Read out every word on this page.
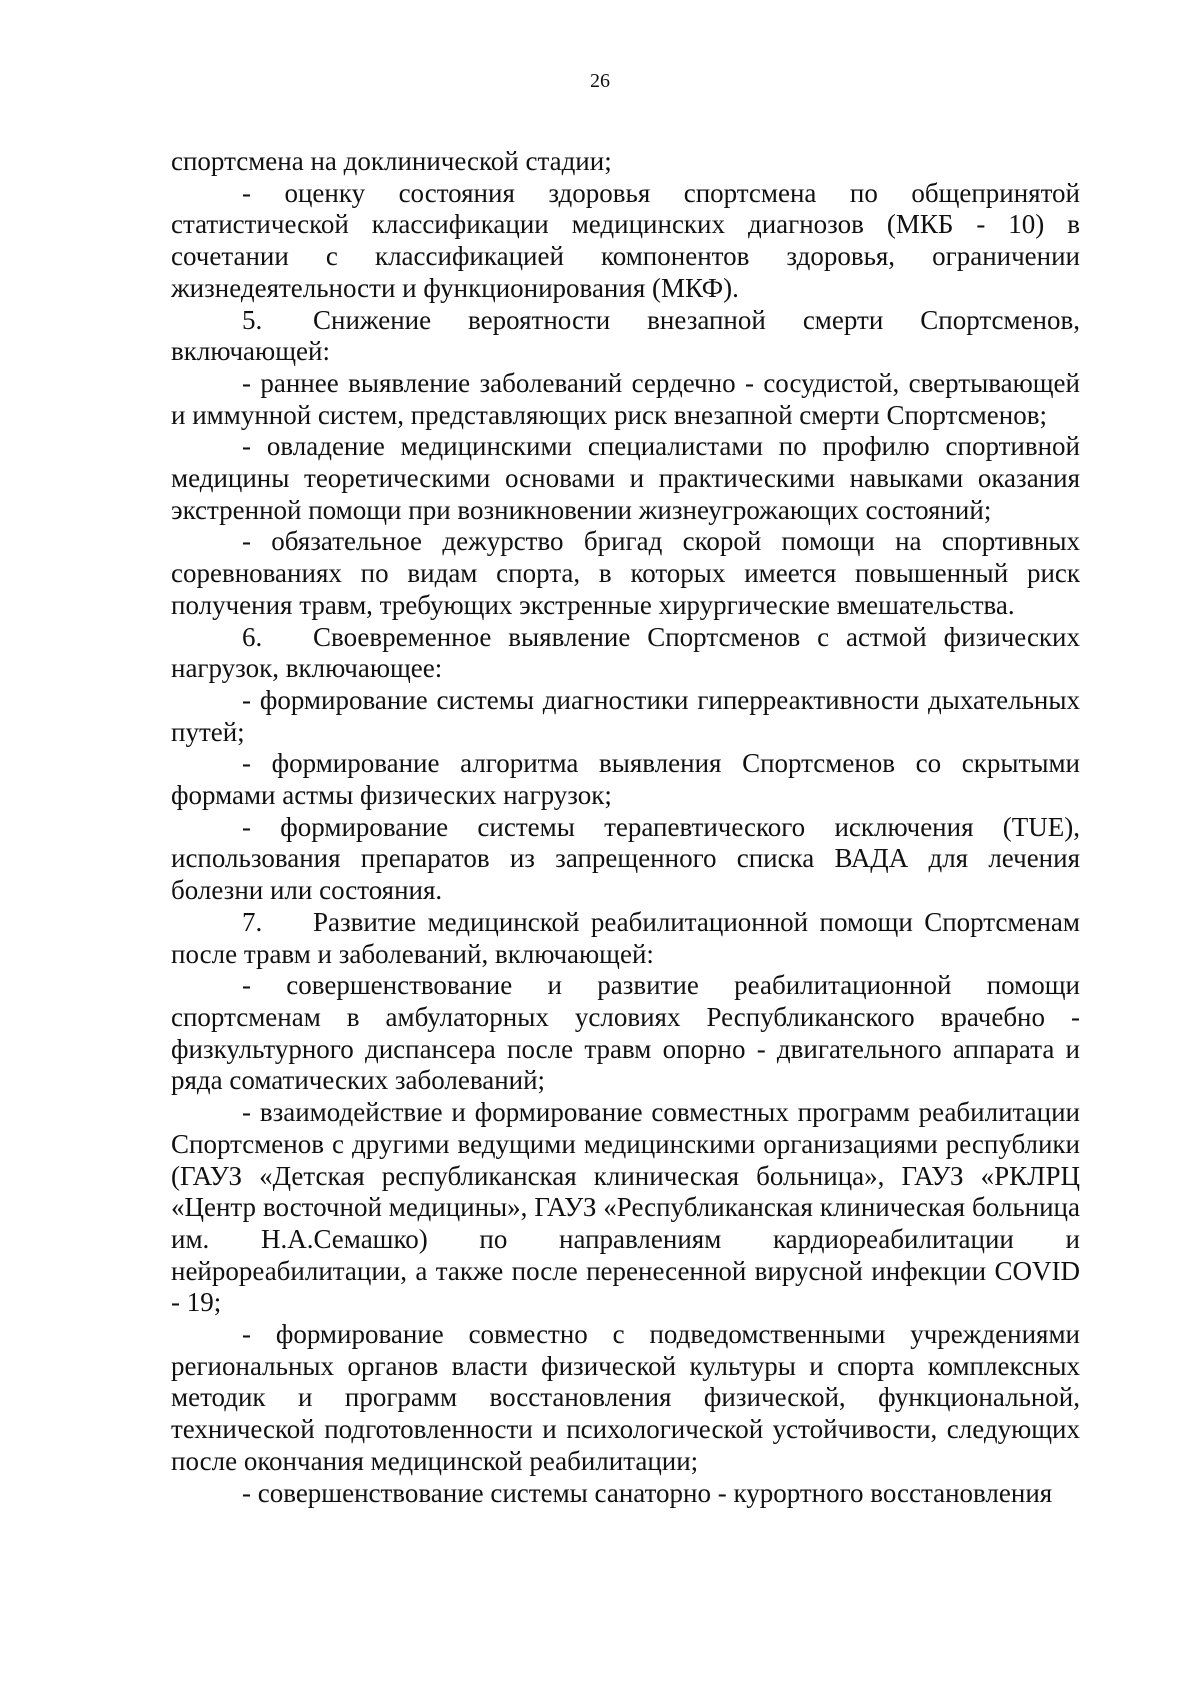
26

спортсмена на доклинической стадии;

- оценку состояния здоровья спортсмена по общепринятой статистической классификации медицинских диагнозов (МКБ - 10) в сочетании с классификацией компонентов здоровья, ограничении жизнедеятельности и функционирования (МКФ).

5. Снижение вероятности внезапной смерти Спортсменов, включающей:

- раннее выявление заболеваний сердечно - сосудистой, свертывающей и иммунной систем, представляющих риск внезапной смерти Спортсменов;

- овладение медицинскими специалистами по профилю спортивной медицины теоретическими основами и практическими навыками оказания экстренной помощи при возникновении жизнеугрожающих состояний;

- обязательное дежурство бригад скорой помощи на спортивных соревнованиях по видам спорта, в которых имеется повышенный риск получения травм, требующих экстренные хирургические вмешательства.

6. Своевременное выявление Спортсменов с астмой физических нагрузок, включающее:

- формирование системы диагностики гиперреактивности дыхательных путей;

- формирование алгоритма выявления Спортсменов со скрытыми формами астмы физических нагрузок;

- формирование системы терапевтического исключения (TUE), использования препаратов из запрещенного списка ВАДА для лечения болезни или состояния.

7. Развитие медицинской реабилитационной помощи Спортсменам после травм и заболеваний, включающей:

- совершенствование и развитие реабилитационной помощи спортсменам в амбулаторных условиях Республиканского врачебно - физкультурного диспансера после травм опорно - двигательного аппарата и ряда соматических заболеваний;

- взаимодействие и формирование совместных программ реабилитации Спортсменов с другими ведущими медицинскими организациями республики (ГАУЗ «Детская республиканская клиническая больница», ГАУЗ «РКЛРЦ «Центр восточной медицины», ГАУЗ «Республиканская клиническая больница им. Н.А.Семашко) по направлениям кардиореабилитации и нейрореабилитации, а также после перенесенной вирусной инфекции COVID - 19;

- формирование совместно с подведомственными учреждениями региональных органов власти физической культуры и спорта комплексных методик и программ восстановления физической, функциональной, технической подготовленности и психологической устойчивости, следующих после окончания медицинской реабилитации;

- совершенствование системы санаторно - курортного восстановления
